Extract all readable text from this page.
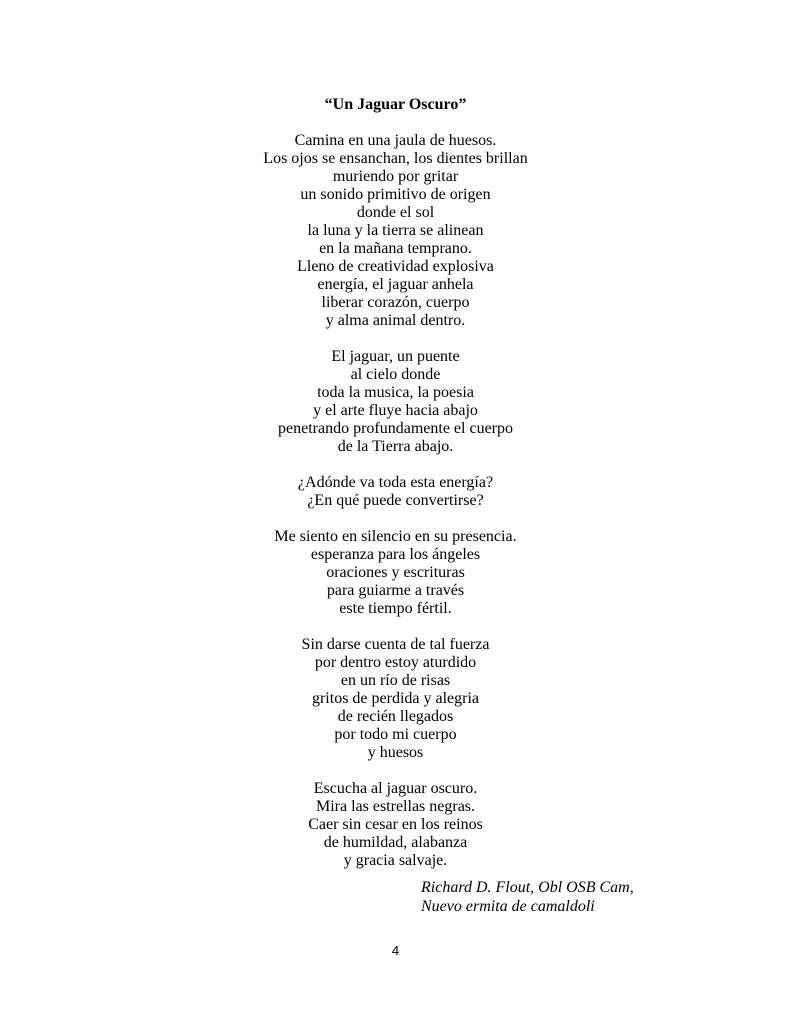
“Un Jaguar Oscuro”
Camina en una jaula de huesos.
Los ojos se ensanchan, los dientes brillan
muriendo por gritar
un sonido primitivo de origen
donde el sol
la luna y la tierra se alinean
en la mañana temprano.
Lleno de creatividad explosiva
energía, el jaguar anhela
liberar corazón, cuerpo
y alma animal dentro.
El jaguar, un puente
al cielo donde
toda la musica, la poesia
y el arte fluye hacia abajo
penetrando profundamente el cuerpo
de la Tierra abajo.
¿Adónde va toda esta energía?
¿En qué puede convertirse?
Me siento en silencio en su presencia.
esperanza para los ángeles
oraciones y escrituras
para guiarme a través
este tiempo fértil.
Sin darse cuenta de tal fuerza
por dentro estoy aturdido
en un río de risas
gritos de perdida y alegria
de recién llegados
por todo mi cuerpo
y huesos
Escucha al jaguar oscuro.
Mira las estrellas negras.
Caer sin cesar en los reinos
de humildad, alabanza
y gracia salvaje.
Richard D. Flout, Obl OSB Cam,
Nuevo ermita de camaldoli
4
